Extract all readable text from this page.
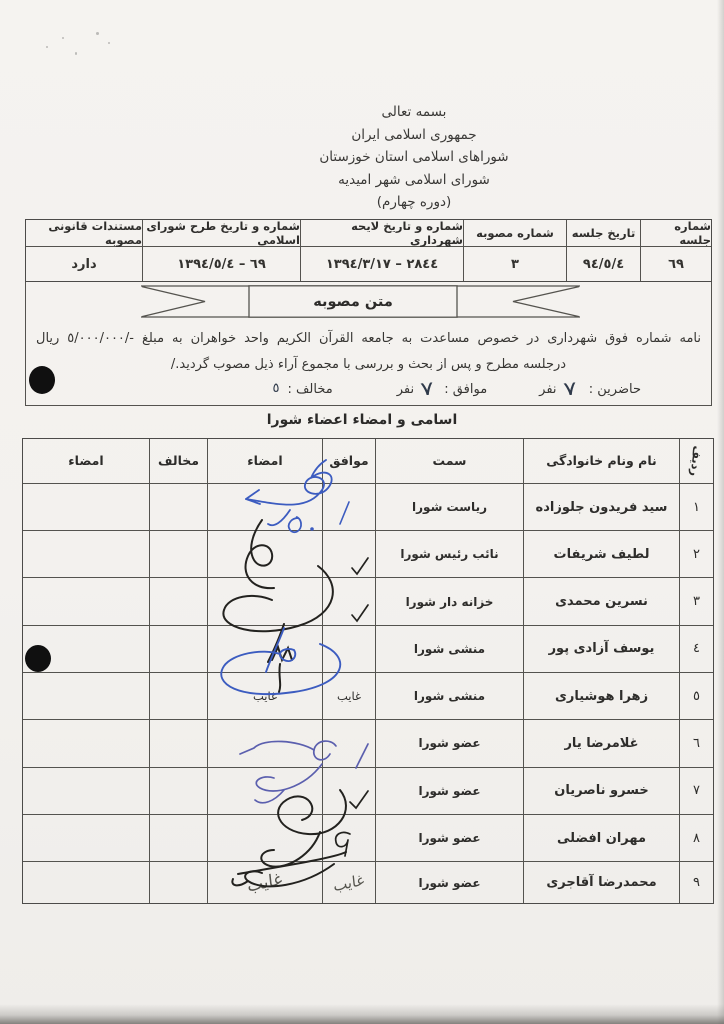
بسمه تعالی
جمهوری اسلامی ایران
شوراهای اسلامی استان خوزستان
شورای اسلامی شهر امیدیه
(دوره چهارم)
شماره جلسه
٦٩
تاریخ جلسه
٩٤/٥/٤
شماره مصوبه
٣
شماره و تاریخ لایحه شهرداری
٢٨٤٤ – ١٣٩٤/٣/١٧
شماره و تاریخ طرح شورای اسلامی
٦٩ – ١٣٩٤/٥/٤
مستندات قانونی مصوبه
دارد
متن مصوبه
نامه شماره فوق شهرداری در خصوص مساعدت به جامعه القرآن الکریم واحد خواهران به مبلغ -/٥/٠٠٠/٠٠٠ ریال
درجلسه مطرح و پس از بحث و بررسی با مجموع آراء ذیل مصوب گردید./
حاضرین :
٧
نفر
موافق :
٧
نفر
مخالف :
٥
اسامی و امضاء اعضاء شورا
ردیف
نام ونام خانوادگی
سمت
موافق
امضاء
مخالف
امضاء
١
سید فریدون جلوزاده
ریاست شورا
٢
لطیف شریفات
نائب رئیس شورا
٣
نسرین محمدی
خزانه دار شورا
٤
یوسف آزادی پور
منشی شورا
٥
زهرا هوشیاری
منشی شورا
غایب
غایب
٦
غلامرضا یار
عضو شورا
٧
خسرو ناصریان
عضو شورا
٨
مهران افضلی
عضو شورا
٩
محمدرضا آقاجری
عضو شورا
غایب
غایب
